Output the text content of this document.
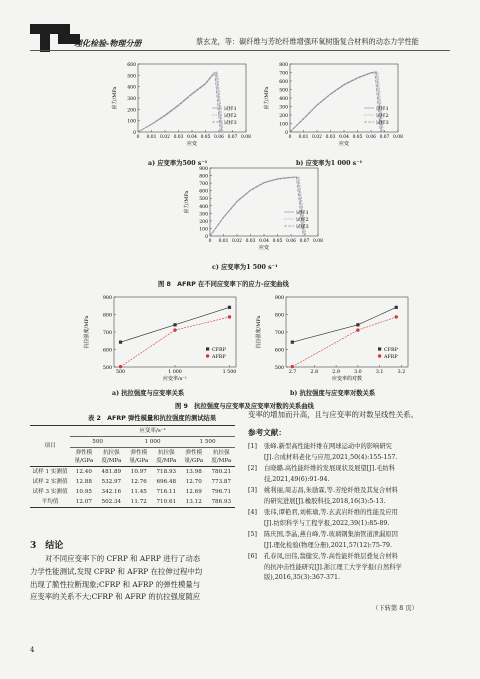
理化检验-物理分册	蔡玄龙，等：碳纤维与芳纶纤维增强环氧树脂复合材料的动态力学性能
0
100
200
300
400
500
600
0 0.01 0.02 0.03 0.04 0.05 0.06 0.07 0.08
应变
应力/MPa	试样1
试样2
试样3
0
100
200
300
400
500
600
700
800
0 0.01 0.02 0.03 0.04 0.05 0.06 0.07 0.08
应变
应力/MPa	试样1
试样2
试样3
0
100
200
300
400
500
600
700
800
900
0 0.01 0.02 0.03 0.04 0.05 0.06 0.07 0.08
应变
应力/MPa	试样1
试样2
试样3
a) 应变率为500 s⁻¹	b) 应变率为1 000 s⁻¹
c) 应变率为1 500 s⁻¹
图 8　AFRP 在不同应变率下的应力-应变曲线
500
600
700
800
900
500	1 000	1 500
应变率/s⁻¹
抗拉强度/MPa
CFRP
AFRP
500
600
700
800
900
2.7	2.8	2.9	3.0	3.1	3.2
应变率的对数
抗拉强度/MPa
CFRP
AFRP
a) 抗拉强度与应变率关系	b) 抗拉强度与应变率对数关系
图 9　抗拉强度与应变率及应变率对数的关系曲线
表 2　AFRP 弹性模量和抗拉强度的测试结果
项目	应变率/s⁻¹					
	500		1 000		1 500	
	弹性模量/GPa	抗拉强度/MPa	弹性模量/GPa	抗拉强度/MPa	弹性模量/GPa	抗拉强度/MPa
试样 1 实测值	12.40	481.89	10.97	718.93	13.98	780.21
试样 2 实测值	12.88	532.97	12.76	696.48	12.70	773.87
试样 3 实测值	10.95	342.16	11.45	716.11	12.69	796.71
平均值	12.07	502.34	11.72	710.61	13.12	786.93
3　结论
对不同应变率下的 CFRP 和 AFRP 进行了动态
力学性能测试,发现 CFRP 和 AFRP 在拉伸过程中均
出现了脆性拉断现象;CFRP 和 AFRP 的弹性模量与
应变率的关系不大;CFRP 和 AFRP 的抗拉强度随应
变率的增加而升高，且与应变率的对数呈线性关系。
参考文献：
[1]	张峰.新型高性能纤维在网球运动中的影响研究
[J].合成材料老化与应用,2021,50(4):155-157.
[2]	白晓璐.高性能纤维的发展现状及展望[J].毛纺科
技,2021,49(6):91-94.
[3]	姚利丽,周志昌,朱励霖,等.芳纶纤维及其复合材料
的研究进展[J].橡胶科技,2018,16(3):5-13.
[4]	张玮,谭艳君,刘栋瑜,等.玄武岩纤维的性能及应用
[J].纺织科学与工程学报,2022,39(1):85-89.
[5]	陈庆国,李晶,燕自峰,等.玻璃钢集油管道泄漏原因
[J].理化检验(物理分册),2021,57(12):75-79.
[6]	孔春凤,田伟,翁健安,等.高性能纤维层叠复合材料
的抗冲击性能研究[J].浙江理工大学学报(自然科学
版),2016,35(3):367-371.
（下转第 8 页）
4
